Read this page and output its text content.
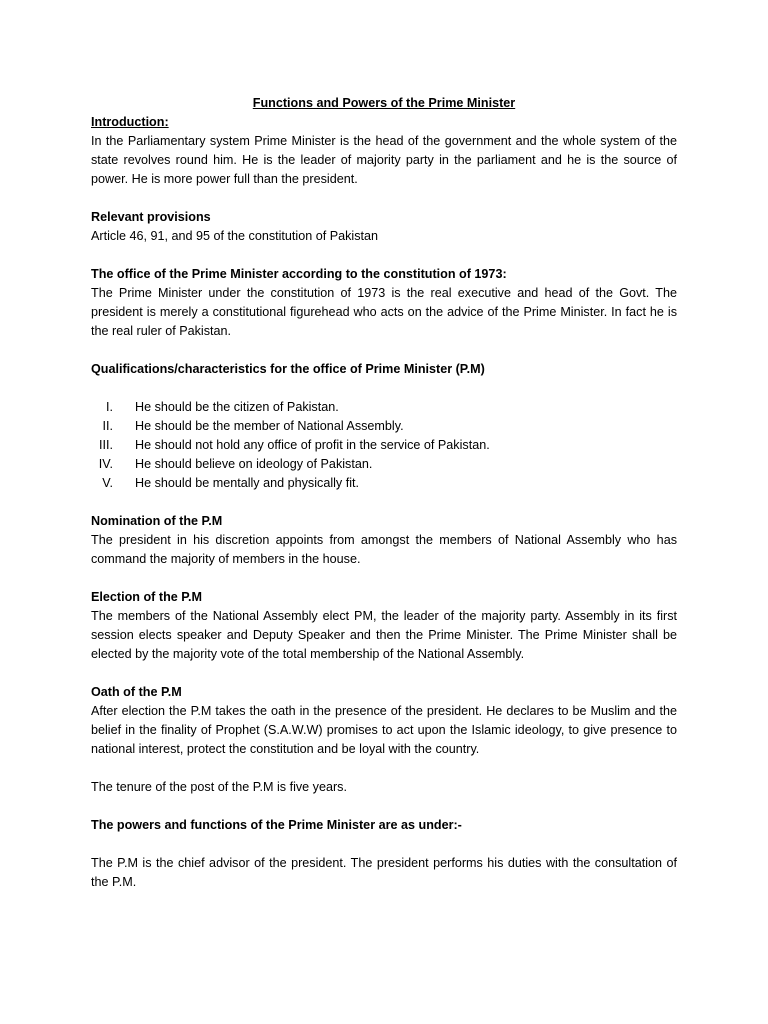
Functions and Powers of the Prime Minister
Introduction:
In the Parliamentary system Prime Minister is the head of the government and the whole system of the state revolves round him. He is the leader of majority party in the parliament and he is the source of power. He is more power full than the president.
Relevant provisions
Article 46, 91, and 95 of the constitution of Pakistan
The office of the Prime Minister according to the constitution of 1973:
The Prime Minister under the constitution of 1973 is the real executive and head of the Govt. The president is merely a constitutional figurehead who acts on the advice of the Prime Minister. In fact he is the real ruler of Pakistan.
Qualifications/characteristics for the office of Prime Minister (P.M)
I. He should be the citizen of Pakistan.
II. He should be the member of National Assembly.
III. He should not hold any office of profit in the service of Pakistan.
IV. He should believe on ideology of Pakistan.
V. He should be mentally and physically fit.
Nomination of the P.M
The president in his discretion appoints from amongst the members of National Assembly who has command the majority of members in the house.
Election of the P.M
The members of the National Assembly elect PM, the leader of the majority party. Assembly in its first session elects speaker and Deputy Speaker and then the Prime Minister. The Prime Minister shall be elected by the majority vote of the total membership of the National Assembly.
Oath of the P.M
After election the P.M takes the oath in the presence of the president. He declares to be Muslim and the belief in the finality of Prophet (S.A.W.W) promises to act upon the Islamic ideology, to give presence to national interest, protect the constitution and be loyal with the country.
The tenure of the post of the P.M is five years.
The powers and functions of the Prime Minister are as under:-
The P.M is the chief advisor of the president. The president performs his duties with the consultation of the P.M.
